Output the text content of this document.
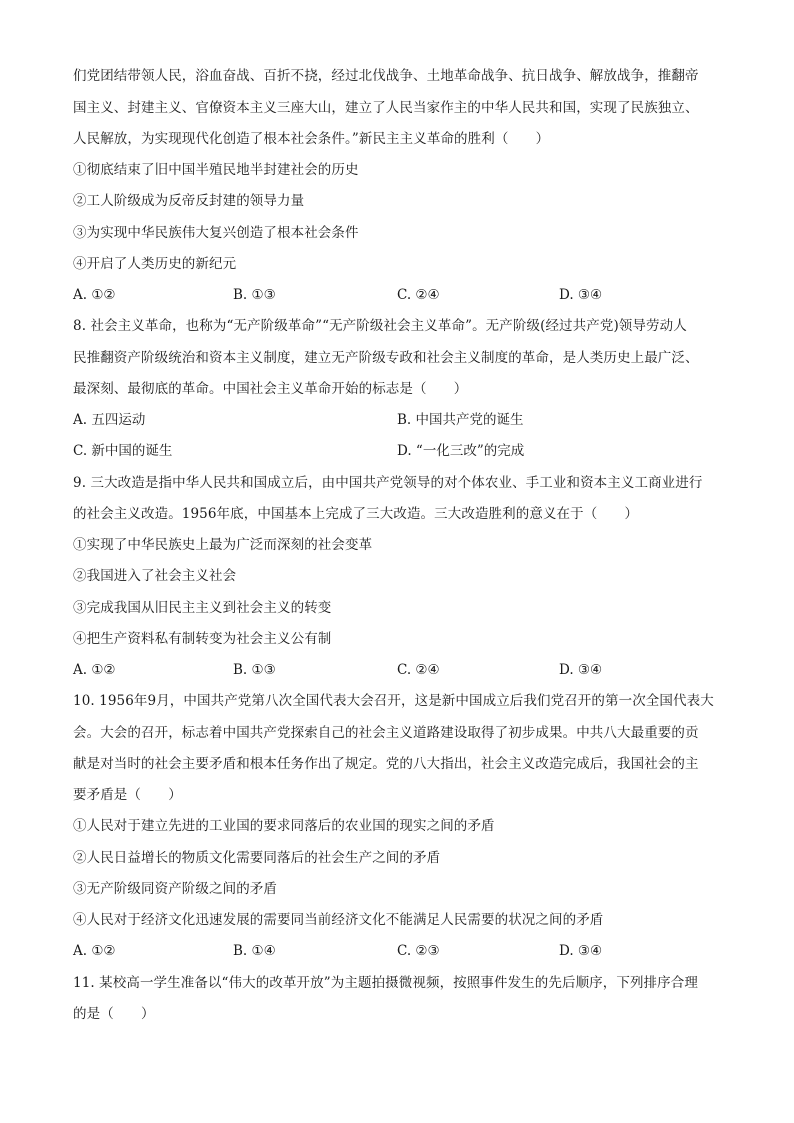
们党团结带领人民，浴血奋战、百折不挠，经过北伐战争、土地革命战争、抗日战争、解放战争，推翻帝
国主义、封建主义、官僚资本主义三座大山，建立了人民当家作主的中华人民共和国，实现了民族独立、
人民解放，为实现现代化创造了根本社会条件。”新民主主义革命的胜利（　　）
①彻底结束了旧中国半殖民地半封建社会的历史
②工人阶级成为反帝反封建的领导力量
③为实现中华民族伟大复兴创造了根本社会条件
④开启了人类历史的新纪元
A. ①②	B. ①③	C. ②④	D. ③④
8. 社会主义革命，也称为“无产阶级革命”“无产阶级社会主义革命”。无产阶级(经过共产党)领导劳动人
民推翻资产阶级统治和资本主义制度，建立无产阶级专政和社会主义制度的革命，是人类历史上最广泛、
最深刻、最彻底的革命。中国社会主义革命开始的标志是（　　）
A. 五四运动	B. 中国共产党的诞生
C. 新中国的诞生	D. “一化三改”的完成
9. 三大改造是指中华人民共和国成立后，由中国共产党领导的对个体农业、手工业和资本主义工商业进行
的社会主义改造。1956年底，中国基本上完成了三大改造。三大改造胜利的意义在于（　　）
①实现了中华民族史上最为广泛而深刻的社会变革
②我国进入了社会主义社会
③完成我国从旧民主主义到社会主义的转变
④把生产资料私有制转变为社会主义公有制
A. ①②	B. ①③	C. ②④	D. ③④
10. 1956年9月，中国共产党第八次全国代表大会召开，这是新中国成立后我们党召开的第一次全国代表大
会。大会的召开，标志着中国共产党探索自己的社会主义道路建设取得了初步成果。中共八大最重要的贡
献是对当时的社会主要矛盾和根本任务作出了规定。党的八大指出，社会主义改造完成后，我国社会的主
要矛盾是（　　）
①人民对于建立先进的工业国的要求同落后的农业国的现实之间的矛盾
②人民日益增长的物质文化需要同落后的社会生产之间的矛盾
③无产阶级同资产阶级之间的矛盾
④人民对于经济文化迅速发展的需要同当前经济文化不能满足人民需要的状况之间的矛盾
A. ①②	B. ①④	C. ②③	D. ③④
11. 某校高一学生准备以“伟大的改革开放”为主题拍摄微视频，按照事件发生的先后顺序，下列排序合理
的是（　　）
